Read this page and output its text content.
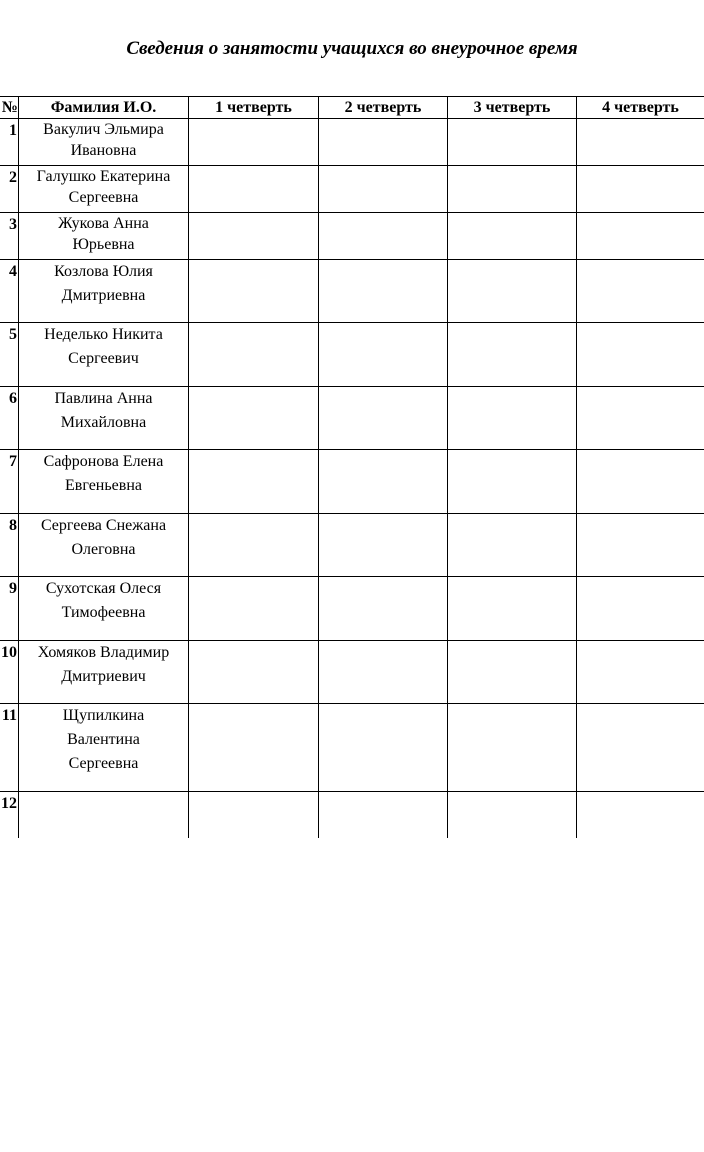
Сведения о занятости учащихся во внеурочное время
№	Фамилия И.О.	1 четверть	2 четверть	3 четверть	4 четверть
1	Вакулич Эльмира
Ивановна				

2	Галушко Екатерина
Сергеевна				

3	Жукова Анна
Юрьевна				

4	Козлова Юлия
Дмитриевна				

5	Неделько Никита
Сергеевич				

6	Павлина Анна
Михайловна				

7	Сафронова Елена
Евгеньевна				

8	Сергеева Снежана
Олеговна				

9	Сухотская Олеся
Тимофеевна				

10	Хомяков Владимир
Дмитриевич				

11	Щупилкина
Валентина
Сергеевна				

12					
